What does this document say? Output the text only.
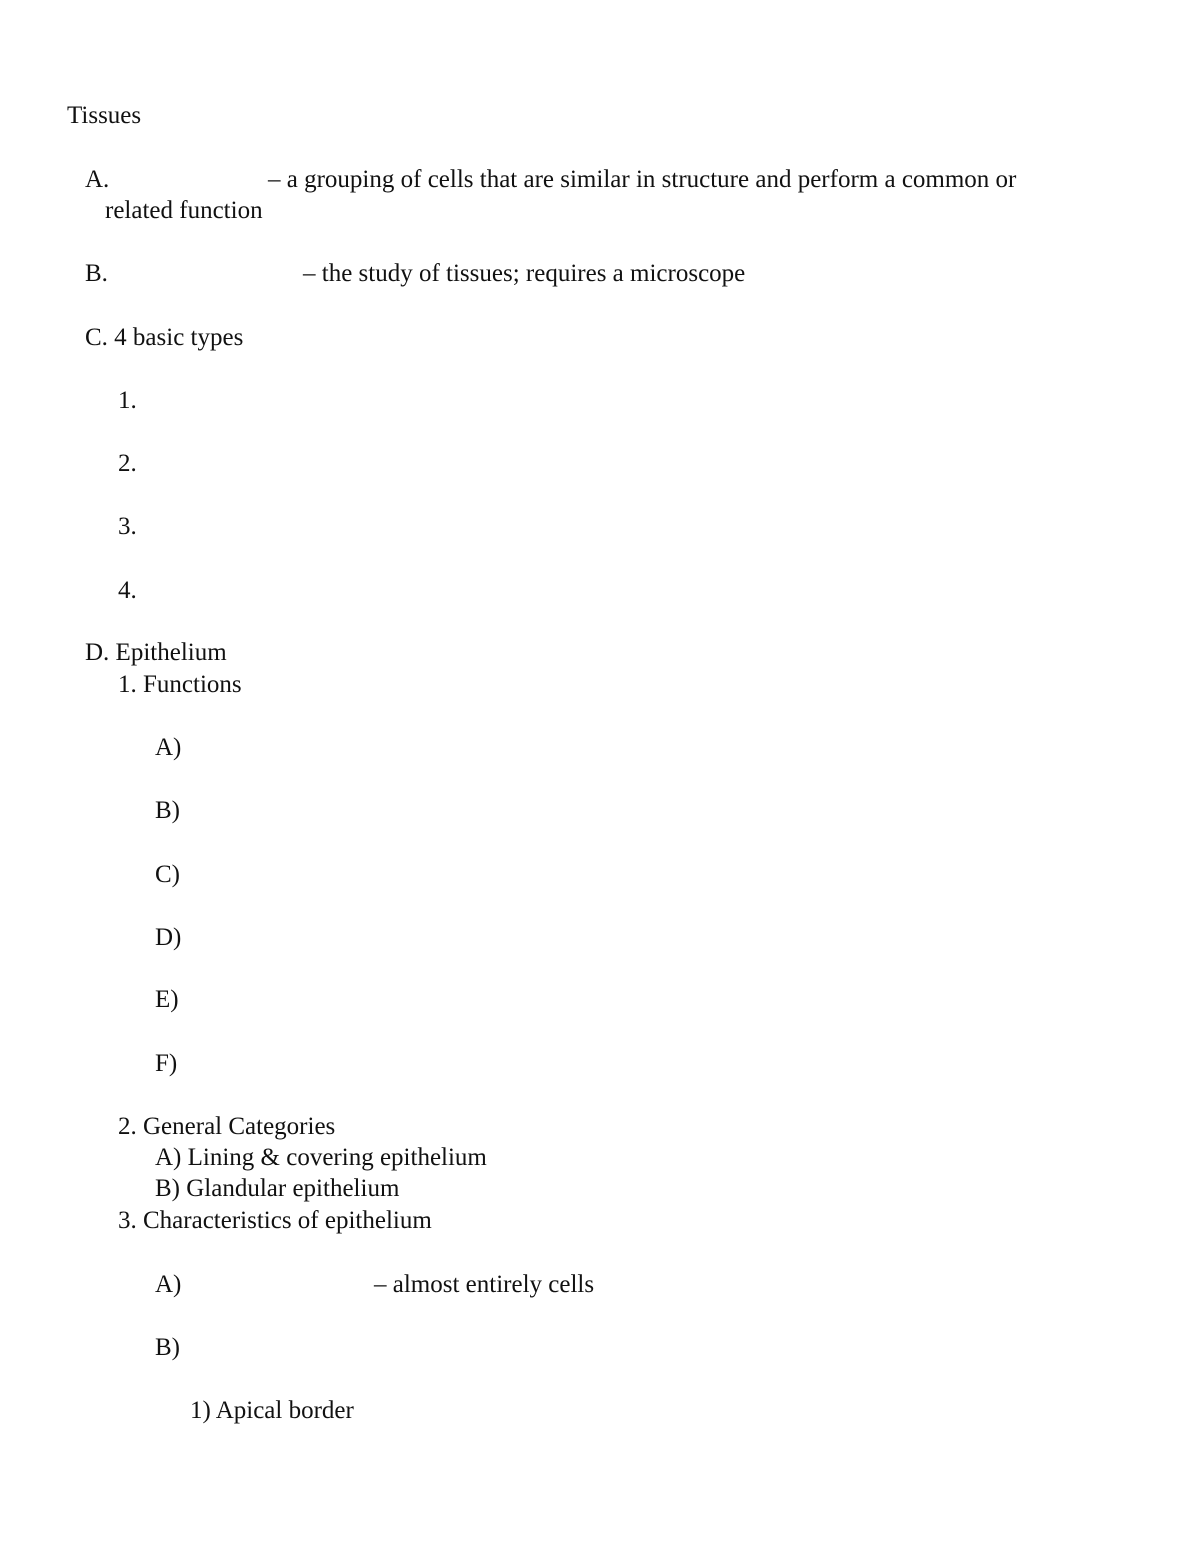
Tissues
A.	– a grouping of cells that are similar in structure and perform a common or
related function
B.	– the study of tissues; requires a microscope
C. 4 basic types
1.
2.
3.
4.
D. Epithelium
1. Functions
A)
B)
C)
D)
E)
F)
2. General Categories
A) Lining & covering epithelium
B) Glandular epithelium
3. Characteristics of epithelium
A)	– almost entirely cells
B)
1) Apical border
